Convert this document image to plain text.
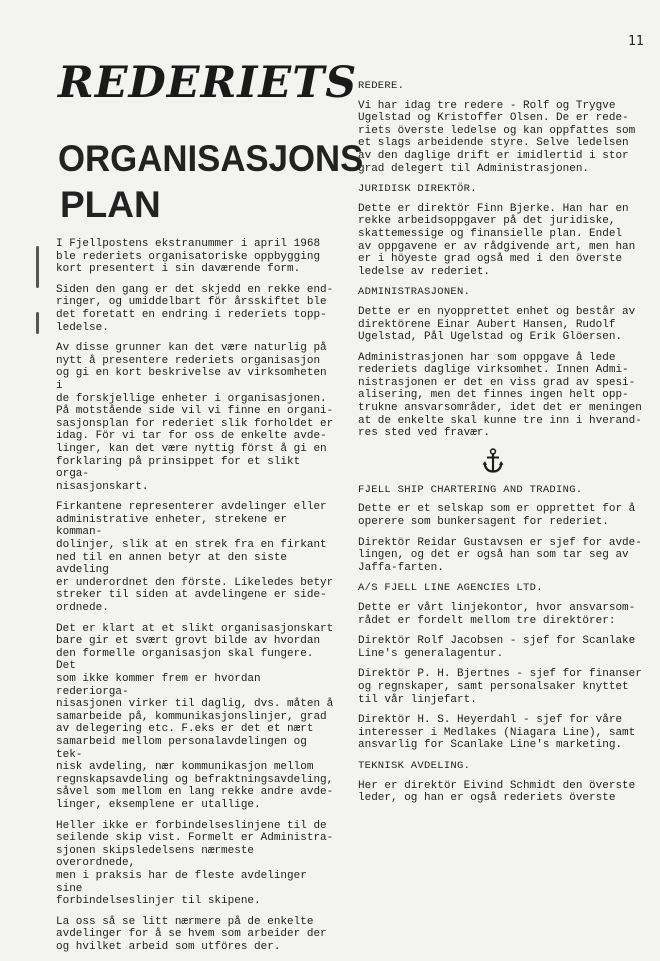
11
REDERIETS
ORGANISASJONS
PLAN

I Fjellpostens ekstranummer i april 1968
ble rederiets organisatoriske oppbygging
kort presentert i sin daværende form.

Siden den gang er det skjedd en rekke end-
ringer, og umiddelbart för årsskiftet ble
det foretatt en endring i rederiets topp-
ledelse.

Av disse grunner kan det være naturlig på
nytt å presentere rederiets organisasjon
og gi en kort beskrivelse av virksomheten i
de forskjellige enheter i organisasjonen.
På motstående side vil vi finne en organi-
sasjonsplan for rederiet slik forholdet er
idag. För vi tar for oss de enkelte avde-
linger, kan det være nyttig först å gi en
forklaring på prinsippet for et slikt orga-
nisasjonskart.

Firkantene representerer avdelinger eller
administrative enheter, strekene er komman-
dolinjer, slik at en strek fra en firkant
ned til en annen betyr at den siste avdeling
er underordnet den förste. Likeledes betyr
streker til siden at avdelingene er side-
ordnede.

Det er klart at et slikt organisasjonskart
bare gir et svært grovt bilde av hvordan
den formelle organisasjon skal fungere. Det
som ikke kommer frem er hvordan rederiorga-
nisasjonen virker til daglig, dvs. måten å
samarbeide på, kommunikasjonslinjer, grad
av delegering etc. F.eks er det et nært
samarbeid mellom personalavdelingen og tek-
nisk avdeling, nær kommunikasjon mellom
regnskapsavdeling og befraktningsavdeling,
såvel som mellom en lang rekke andre avde-
linger, eksemplene er utallige.

Heller ikke er forbindelseslinjene til de
seilende skip vist. Formelt er Administra-
sjonen skipsledelsens nærmeste overordnede,
men i praksis har de fleste avdelinger sine
forbindelseslinjer til skipene.

La oss så se litt nærmere på de enkelte
avdelinger for å se hvem som arbeider der
og hvilket arbeid som utföres der.

REDERE.

Vi har idag tre redere - Rolf og Trygve
Ugelstad og Kristoffer Olsen. De er rede-
riets överste ledelse og kan oppfattes som
et slags arbeidende styre. Selve ledelsen
av den daglige drift er imidlertid i stor
grad delegert til Administrasjonen.

JURIDISK DIREKTÖR.

Dette er direktör Finn Bjerke. Han har en
rekke arbeidsoppgaver på det juridiske,
skattemessige og finansielle plan. Endel
av oppgavene er av rådgivende art, men han
er i höyeste grad også med i den överste
ledelse av rederiet.

ADMINISTRASJONEN.

Dette er en nyopprettet enhet og består av
direktörene Einar Aubert Hansen, Rudolf
Ugelstad, Pål Ugelstad og Erik Glöersen.

Administrasjonen har som oppgave å lede
rederiets daglige virksomhet. Innen Admi-
nistrasjonen er det en viss grad av spesi-
alisering, men det finnes ingen helt opp-
trukne ansvarsområder, idet det er meningen
at de enkelte skal kunne tre inn i hverand-
res sted ved fravær.

FJELL SHIP CHARTERING AND TRADING.

Dette er et selskap som er opprettet for å
operere som bunkersagent for rederiet.

Direktör Reidar Gustavsen er sjef for avde-
lingen, og det er også han som tar seg av
Jaffa-farten.

A/S FJELL LINE AGENCIES LTD.

Dette er vårt linjekontor, hvor ansvarsom-
rådet er fordelt mellom tre direktörer:

Direktör Rolf Jacobsen - sjef for Scanlake
Line's generalagentur.

Direktör P. H. Bjertnes - sjef for finanser
og regnskaper, samt personalsaker knyttet
til vår linjefart.

Direktör H. S. Heyerdahl - sjef for våre
interesser i Medlakes (Niagara Line), samt
ansvarlig for Scanlake Line's marketing.

TEKNISK AVDELING.

Her er direktör Eivind Schmidt den överste
leder, og han er også rederiets överste
